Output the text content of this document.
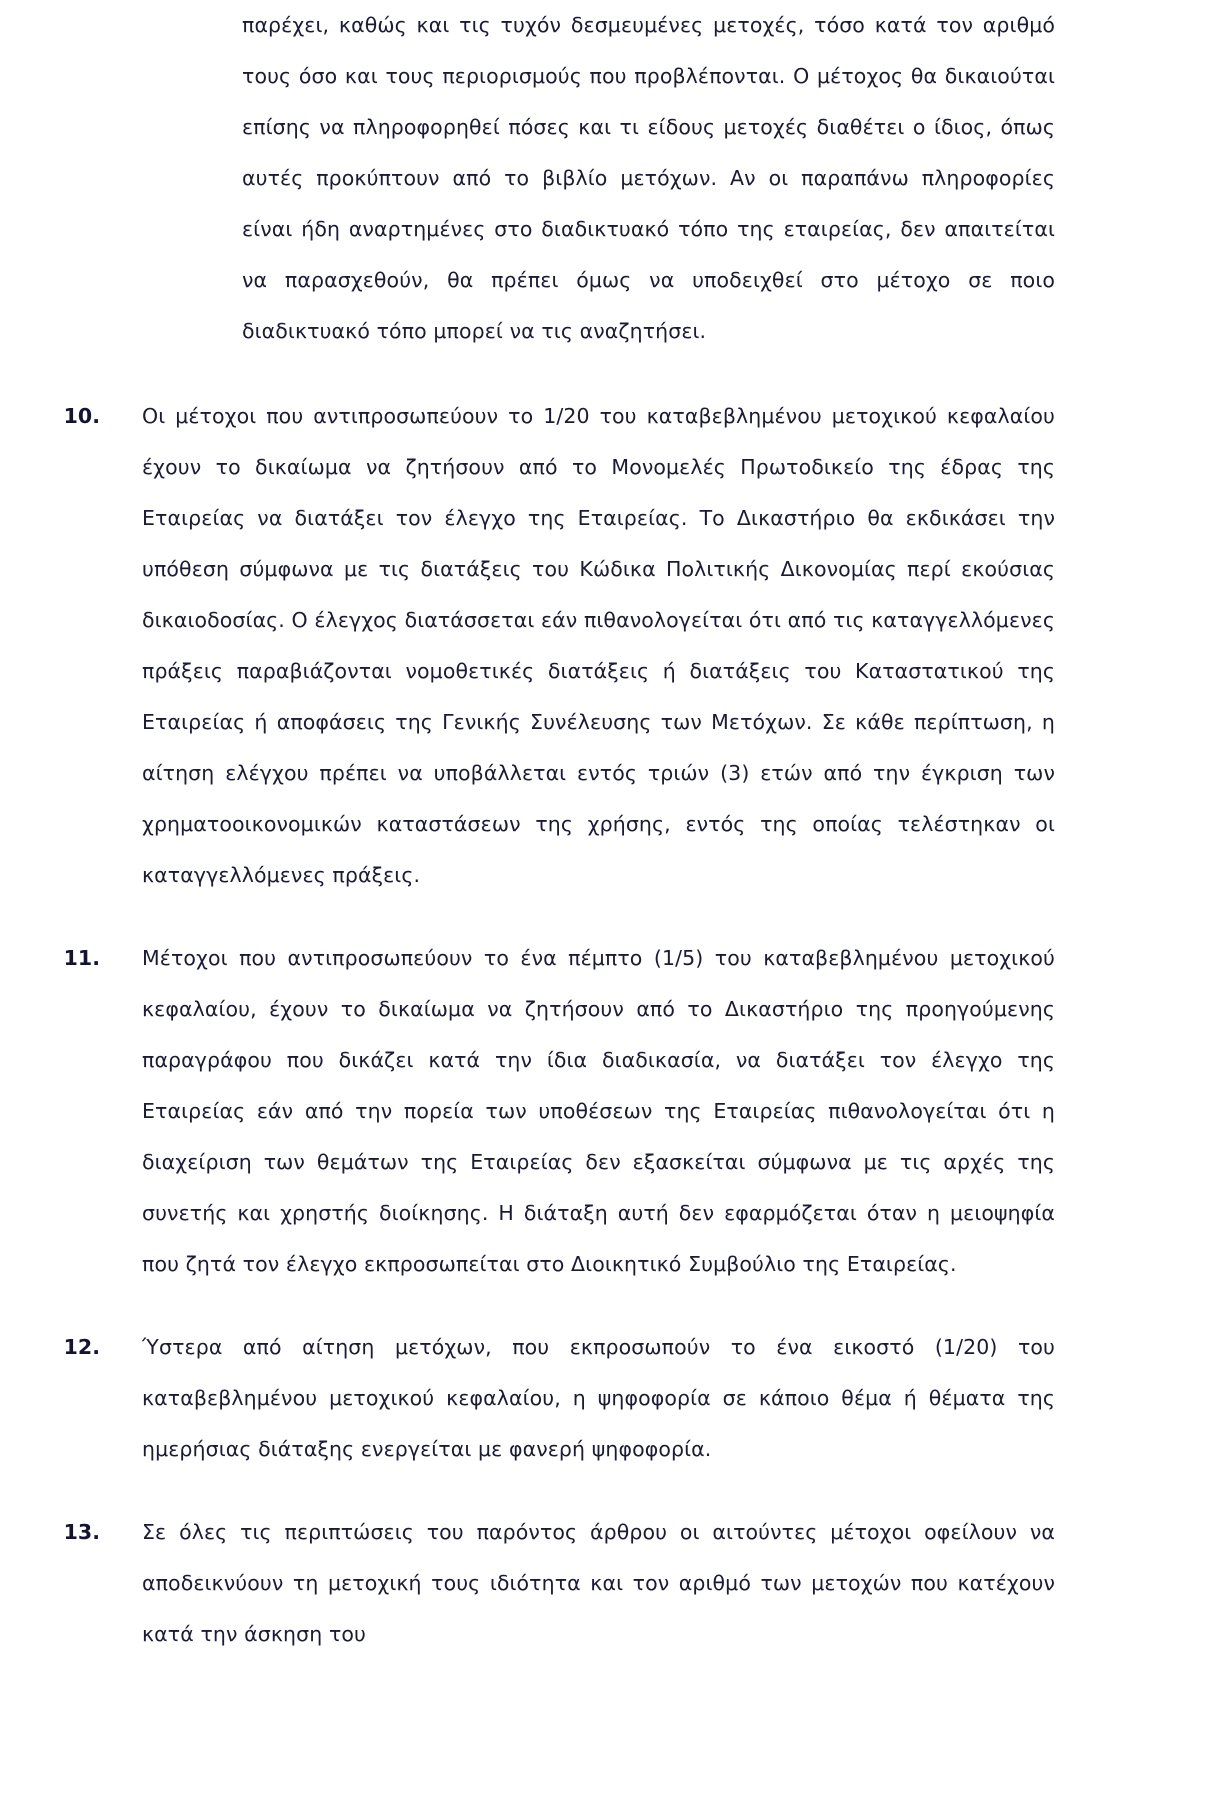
παρέχει, καθώς και τις τυχόν δεσμευμένες μετοχές, τόσο κατά τον αριθμό τους όσο και τους περιορισμούς που προβλέπονται. Ο μέτοχος θα δικαιούται επίσης να πληροφορηθεί πόσες και τι είδους μετοχές διαθέτει ο ίδιος, όπως αυτές προκύπτουν από το βιβλίο μετόχων. Αν οι παραπάνω πληροφορίες είναι ήδη αναρτημένες στο διαδικτυακό τόπο της εταιρείας, δεν απαιτείται να παρασχεθούν, θα πρέπει όμως να υποδειχθεί στο μέτοχο σε ποιο διαδικτυακό τόπο μπορεί να τις αναζητήσει.
10. Οι μέτοχοι που αντιπροσωπεύουν το 1/20 του καταβεβλημένου μετοχικού κεφαλαίου έχουν το δικαίωμα να ζητήσουν από το Μονομελές Πρωτοδικείο της έδρας της Εταιρείας να διατάξει τον έλεγχο της Εταιρείας. Το Δικαστήριο θα εκδικάσει την υπόθεση σύμφωνα με τις διατάξεις του Κώδικα Πολιτικής Δικονομίας περί εκούσιας δικαιοδοσίας. Ο έλεγχος διατάσσεται εάν πιθανολογείται ότι από τις καταγγελλόμενες πράξεις παραβιάζονται νομοθετικές διατάξεις ή διατάξεις του Καταστατικού της Εταιρείας ή αποφάσεις της Γενικής Συνέλευσης των Μετόχων. Σε κάθε περίπτωση, η αίτηση ελέγχου πρέπει να υποβάλλεται εντός τριών (3) ετών από την έγκριση των χρηματοοικονομικών καταστάσεων της χρήσης, εντός της οποίας τελέστηκαν οι καταγγελλόμενες πράξεις.
11. Μέτοχοι που αντιπροσωπεύουν το ένα πέμπτο (1/5) του καταβεβλημένου μετοχικού κεφαλαίου, έχουν το δικαίωμα να ζητήσουν από το Δικαστήριο της προηγούμενης παραγράφου που δικάζει κατά την ίδια διαδικασία, να διατάξει τον έλεγχο της Εταιρείας εάν από την πορεία των υποθέσεων της Εταιρείας πιθανολογείται ότι η διαχείριση των θεμάτων της Εταιρείας δεν εξασκείται σύμφωνα με τις αρχές της συνετής και χρηστής διοίκησης. Η διάταξη αυτή δεν εφαρμόζεται όταν η μειοψηφία που ζητά τον έλεγχο εκπροσωπείται στο Διοικητικό Συμβούλιο της Εταιρείας.
12. Ύστερα από αίτηση μετόχων, που εκπροσωπούν το ένα εικοστό (1/20) του καταβεβλημένου μετοχικού κεφαλαίου, η ψηφοφορία σε κάποιο θέμα ή θέματα της ημερήσιας διάταξης ενεργείται με φανερή ψηφοφορία.
13. Σε όλες τις περιπτώσεις του παρόντος άρθρου οι αιτούντες μέτοχοι οφείλουν να αποδεικνύουν τη μετοχική τους ιδιότητα και τον αριθμό των μετοχών που κατέχουν κατά την άσκηση του
